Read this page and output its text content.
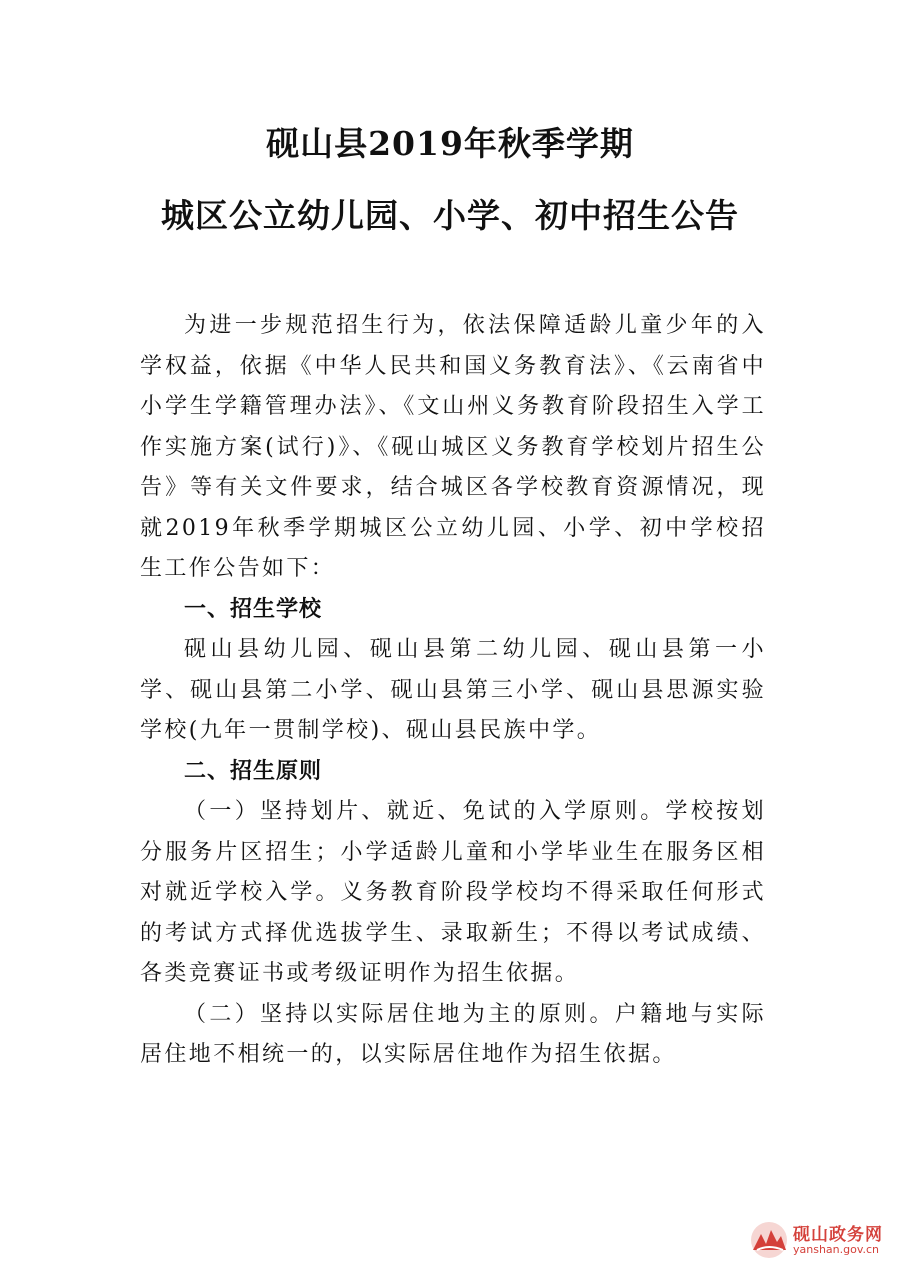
砚山县2019年秋季学期
城区公立幼儿园、小学、初中招生公告

为进一步规范招生行为，依法保障适龄儿童少年的入学权益，依据《中华人民共和国义务教育法》、《云南省中小学生学籍管理办法》、《文山州义务教育阶段招生入学工作实施方案(试行)》、《砚山城区义务教育学校划片招生公告》等有关文件要求，结合城区各学校教育资源情况，现就2019年秋季学期城区公立幼儿园、小学、初中学校招生工作公告如下：

一、招生学校

砚山县幼儿园、砚山县第二幼儿园、砚山县第一小学、砚山县第二小学、砚山县第三小学、砚山县思源实验学校(九年一贯制学校)、砚山县民族中学。

二、招生原则

（一）坚持划片、就近、免试的入学原则。学校按划分服务片区招生；小学适龄儿童和小学毕业生在服务区相对就近学校入学。义务教育阶段学校均不得采取任何形式的考试方式择优选拔学生、录取新生；不得以考试成绩、各类竞赛证书或考级证明作为招生依据。

（二）坚持以实际居住地为主的原则。户籍地与实际居住地不相统一的，以实际居住地作为招生依据。

砚山政务网
yanshan.gov.cn
